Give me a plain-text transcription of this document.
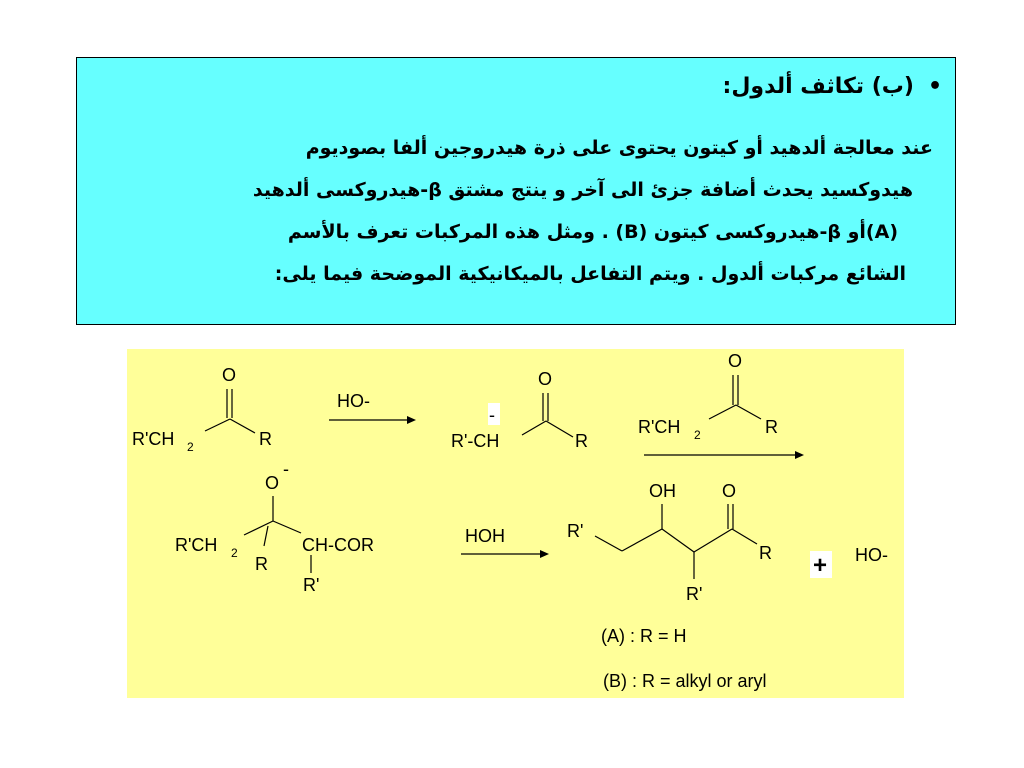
•(ب) تكاثف ألدول:
عند معالجة ألدهيد أو كيتون يحتوى على ذرة هيدروجين ألفا بصوديوم
هيدوكسيد يحدث أضافة جزئ الى آخر و ينتج مشتق β-هيدروكسى ألدهيد
(A)أو β-هيدروكسى كيتون (B) . ومثل هذه المركبات تعرف بالأسم
الشائع مركبات ألدول . ويتم التفاعل بالميكانيكية الموضحة فيما يلى:
O
R'CH 2	R
HO-
O
-
R'-CH	R
O
R'CH 2	R
O
-
R'CH 2	CH-COR
R
R'
HOH	R'
OH	O
R
R'
+ HO-
(A) : R = H
(B) : R = alkyl or aryl
